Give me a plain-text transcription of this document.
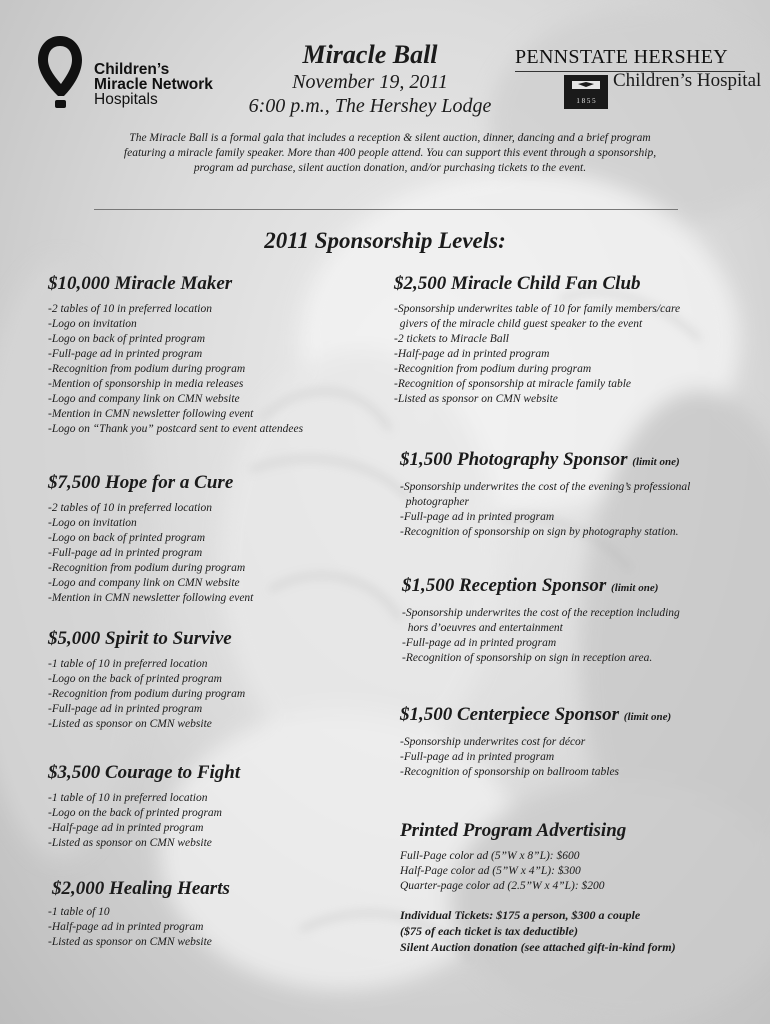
Children’s
Miracle Network
Hospitals
Miracle Ball
November 19, 2011
6:00 p.m., The Hershey Lodge
PENNSTATE HERSHEY
1 8 5 5
Children’s Hospital
The Miracle Ball is a formal gala that includes a reception & silent auction, dinner, dancing and a brief program featuring a miracle family speaker. More than 400 people attend. You can support this event through a sponsorship, program ad purchase, silent auction donation, and/or purchasing tickets to the event.
2011 Sponsorship Levels:
$10,000 Miracle Maker
-2 tables of 10 in preferred location
-Logo on invitation
-Logo on back of printed program
-Full-page ad in printed program
-Recognition from podium during program
-Mention of sponsorship in media releases
-Logo and company link on CMN website
-Mention in CMN newsletter following event
-Logo on “Thank you” postcard sent to event attendees
$7,500 Hope for a Cure
-2 tables of 10 in preferred location
-Logo on invitation
-Logo on back of printed program
-Full-page ad in printed program
-Recognition from podium during program
-Logo and company link on CMN website
-Mention in CMN newsletter following event
$5,000 Spirit to Survive
-1 table of 10 in preferred location
-Logo on the back of printed program
-Recognition from podium during program
-Full-page ad in printed program
-Listed as sponsor on CMN website
$3,500 Courage to Fight
-1 table of 10 in preferred location
-Logo on the back of printed program
-Half-page ad in printed program
-Listed as sponsor on CMN website
$2,000 Healing Hearts
-1 table of 10
-Half-page ad in printed program
-Listed as sponsor on CMN website
$2,500 Miracle Child Fan Club
-Sponsorship underwrites table of 10 for family members/care
givers of the miracle child guest speaker to the event
-2 tickets to Miracle Ball
-Half-page ad in printed program
-Recognition from podium during program
-Recognition of sponsorship at miracle family table
-Listed as sponsor on CMN website
$1,500 Photography Sponsor (limit one)
-Sponsorship underwrites the cost of the evening’s professional
photographer
-Full-page ad in printed program
-Recognition of sponsorship on sign by photography station.
$1,500 Reception Sponsor (limit one)
-Sponsorship underwrites the cost of the reception including
hors d’oeuvres and entertainment
-Full-page ad in printed program
-Recognition of sponsorship on sign in reception area.
$1,500 Centerpiece Sponsor (limit one)
-Sponsorship underwrites cost for décor
-Full-page ad in printed program
-Recognition of sponsorship on ballroom tables
Printed Program Advertising
Full-Page color ad (5”W x 8”L): $600
Half-Page color ad (5”W x 4”L): $300
Quarter-page color ad (2.5”W x 4”L): $200
Individual Tickets: $175 a person, $300 a couple
($75 of each ticket is tax deductible)
Silent Auction donation (see attached gift-in-kind form)
